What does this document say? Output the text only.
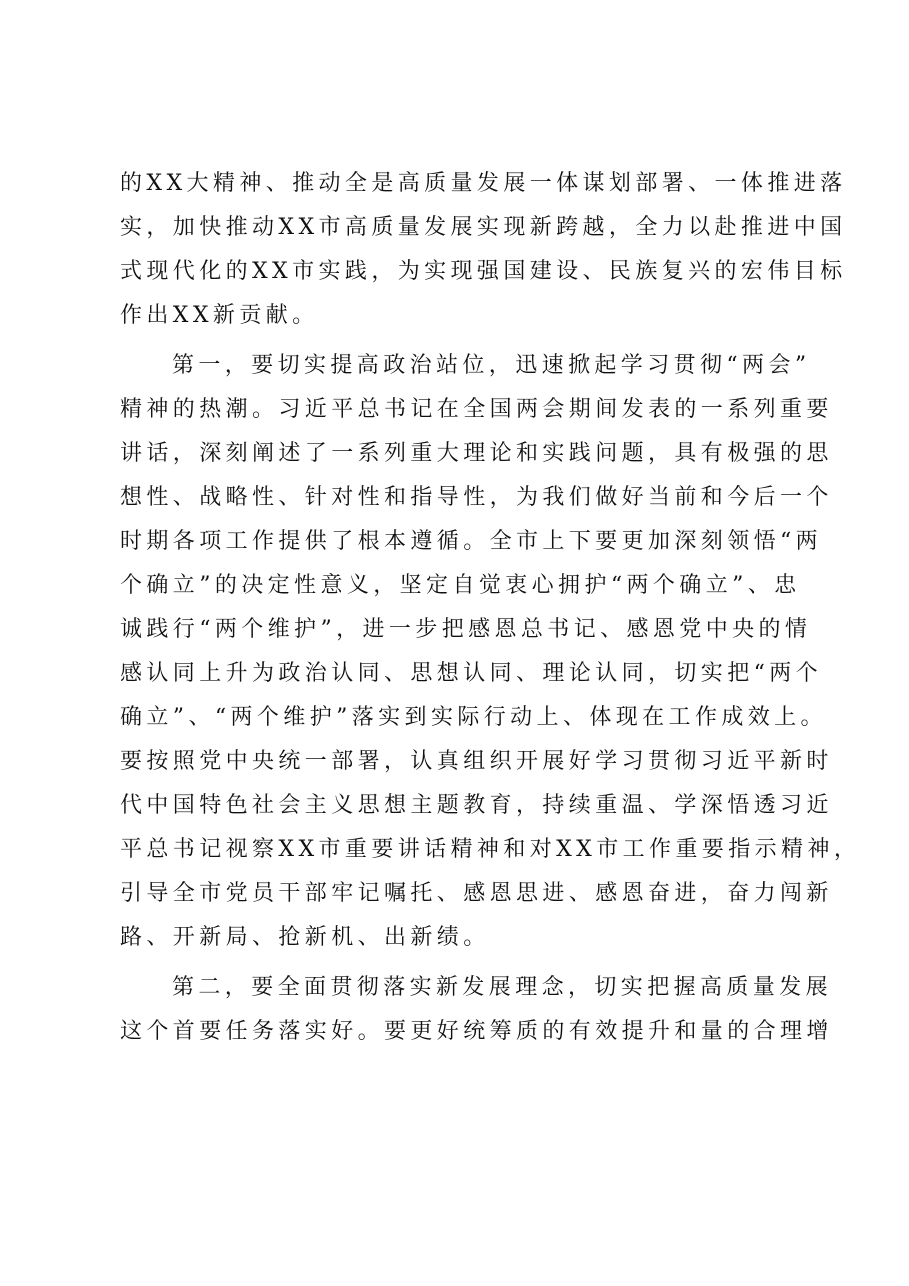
的XX大精神、推动全是高质量发展一体谋划部署、一体推进落
实，加快推动XX市高质量发展实现新跨越，全力以赴推进中国
式现代化的XX市实践，为实现强国建设、民族复兴的宏伟目标
作出XX新贡献。
第一，要切实提高政治站位，迅速掀起学习贯彻“两会”
精神的热潮。习近平总书记在全国两会期间发表的一系列重要
讲话，深刻阐述了一系列重大理论和实践问题，具有极强的思
想性、战略性、针对性和指导性，为我们做好当前和今后一个
时期各项工作提供了根本遵循。全市上下要更加深刻领悟“两
个确立”的决定性意义，坚定自觉衷心拥护“两个确立”、忠
诚践行“两个维护”，进一步把感恩总书记、感恩党中央的情
感认同上升为政治认同、思想认同、理论认同，切实把“两个
确立”、“两个维护”落实到实际行动上、体现在工作成效上。
要按照党中央统一部署，认真组织开展好学习贯彻习近平新时
代中国特色社会主义思想主题教育，持续重温、学深悟透习近
平总书记视察XX市重要讲话精神和对XX市工作重要指示精神，
引导全市党员干部牢记嘱托、感恩思进、感恩奋进，奋力闯新
路、开新局、抢新机、出新绩。
第二，要全面贯彻落实新发展理念，切实把握高质量发展
这个首要任务落实好。要更好统筹质的有效提升和量的合理增
